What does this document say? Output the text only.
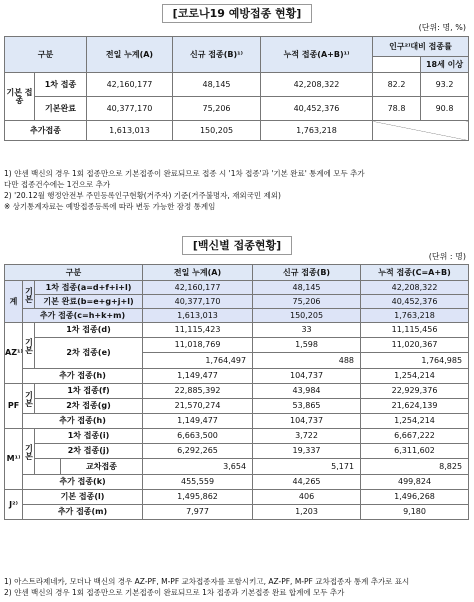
[코로나19 예방접종 현황]
(단위: 명, %)
구분		전일 누계(A)	신규 접종(B)¹⁾	누적 접종(A+B)¹⁾	인구²⁾대비 접종률	
						18세 이상
기본 접종	1차 접종	42,160,177	48,145	42,208,322	82.2	93.2
	기본완료	40,377,170	75,206	40,452,376	78.8	90.8
추가접종		1,613,013	150,205	1,763,218		
1) 얀센 백신의 경우 1회 접종만으로 기본접종이 완료되므로 접종 시 '1차 접종'과 '기본 완료' 통계에 모두 추가
다만 접종건수에는 1건으로 추가
2) '20.12월 행정안전부 주민등록인구현황(거주자) 기준(거주불명자, 재외국민 제외)
※ 상기통계자료는 예방접종등록에 따라 변동 가능한 잠정 통계임
[백신별 접종현황]
(단위 : 명)
구분				전일 누계(A)	신규 접종(B)	누적 접종(C=A+B)
계	기본	1차 접종(a=d+f+i+l)		42,160,177	48,145	42,208,322
		기본 완료(b=e+g+j+l)		40,377,170	75,206	40,452,376
	추가 접종(c=h+k+m)			1,613,013	150,205	1,763,218
AZ¹⁾	기본	1차 접종(d)		11,115,423	33	11,115,456
		2차 접종(e)		11,018,769	1,598	11,020,367
				1,764,497	488	1,764,985

	추가 접종(h)			1,149,477	104,737	1,254,214
PF	기본	1차 접종(f)		22,885,392	43,984	22,929,376
		2차 접종(g)		21,570,274	53,865	21,624,139
	추가 접종(h)			1,149,477	104,737	1,254,214
M¹⁾	기본	1차 접종(i)		6,663,500	3,722	6,667,222
		2차 접종(j)		6,292,265	19,337	6,311,602
			교차접종	3,654	5,171	8,825

	추가 접종(k)			455,559	44,265	499,824
J²⁾	기본 접종(l)			1,495,862	406	1,496,268
	추가 접종(m)			7,977	1,203	9,180
1) 아스트라제네카, 모더나 백신의 경우 AZ-PF, M-PF 교차접종자를 포함시키고, AZ-PF, M-PF 교차접종자 통계 추가로 표시
2) 얀센 백신의 경우 1회 접종만으로 기본접종이 완료되므로 1차 접종과 기본접종 완료 합계에 모두 추가
